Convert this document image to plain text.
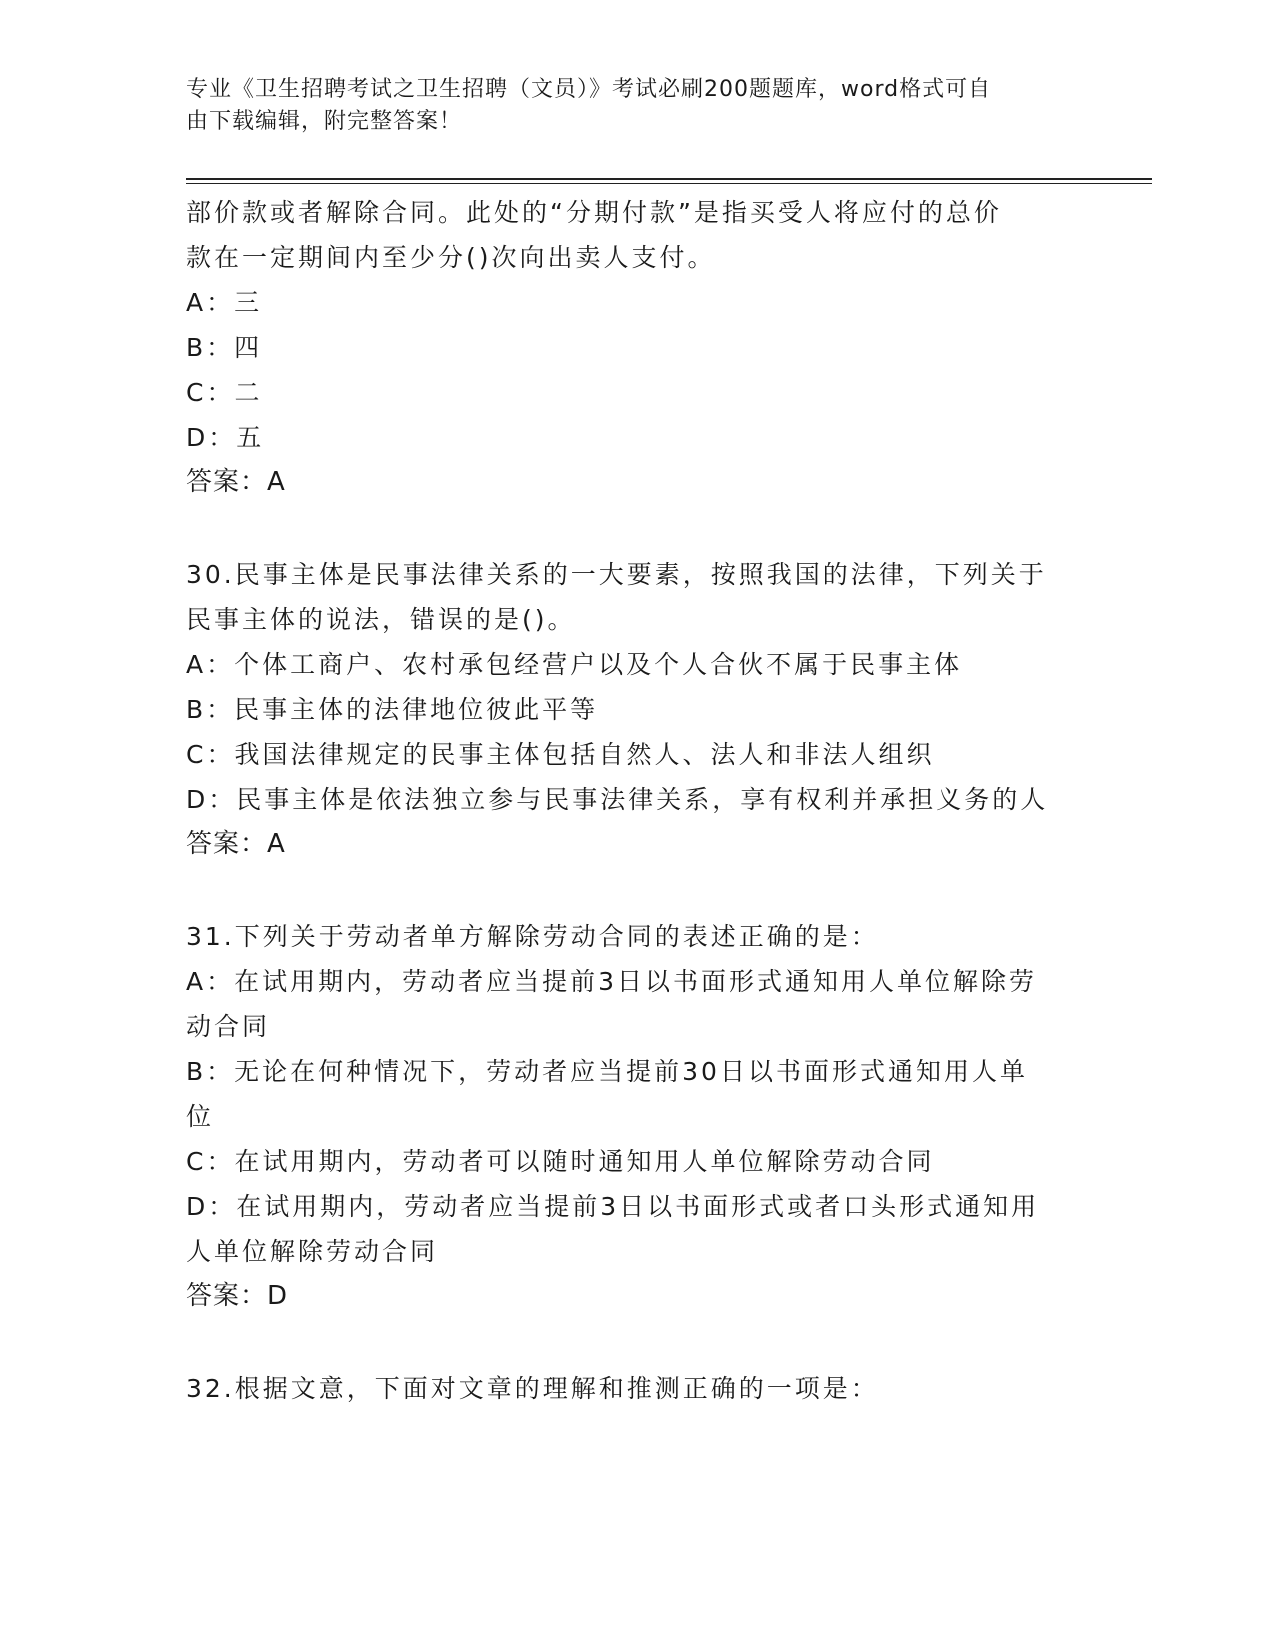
专业《卫生招聘考试之卫生招聘（文员）》考试必刷200题题库，word格式可自
由下载编辑，附完整答案！
部价款或者解除合同。此处的“分期付款”是指买受人将应付的总价
款在一定期间内至少分()次向出卖人支付。
A：三
B：四
C：二
D：五
答案：A
30.民事主体是民事法律关系的一大要素，按照我国的法律，下列关于
民事主体的说法，错误的是()。
A：个体工商户、农村承包经营户以及个人合伙不属于民事主体
B：民事主体的法律地位彼此平等
C：我国法律规定的民事主体包括自然人、法人和非法人组织
D：民事主体是依法独立参与民事法律关系，享有权利并承担义务的人
答案：A
31.下列关于劳动者单方解除劳动合同的表述正确的是：
A：在试用期内，劳动者应当提前3日以书面形式通知用人单位解除劳
动合同
B：无论在何种情况下，劳动者应当提前30日以书面形式通知用人单
位
C：在试用期内，劳动者可以随时通知用人单位解除劳动合同
D：在试用期内，劳动者应当提前3日以书面形式或者口头形式通知用
人单位解除劳动合同
答案：D
32.根据文意，下面对文章的理解和推测正确的一项是：
